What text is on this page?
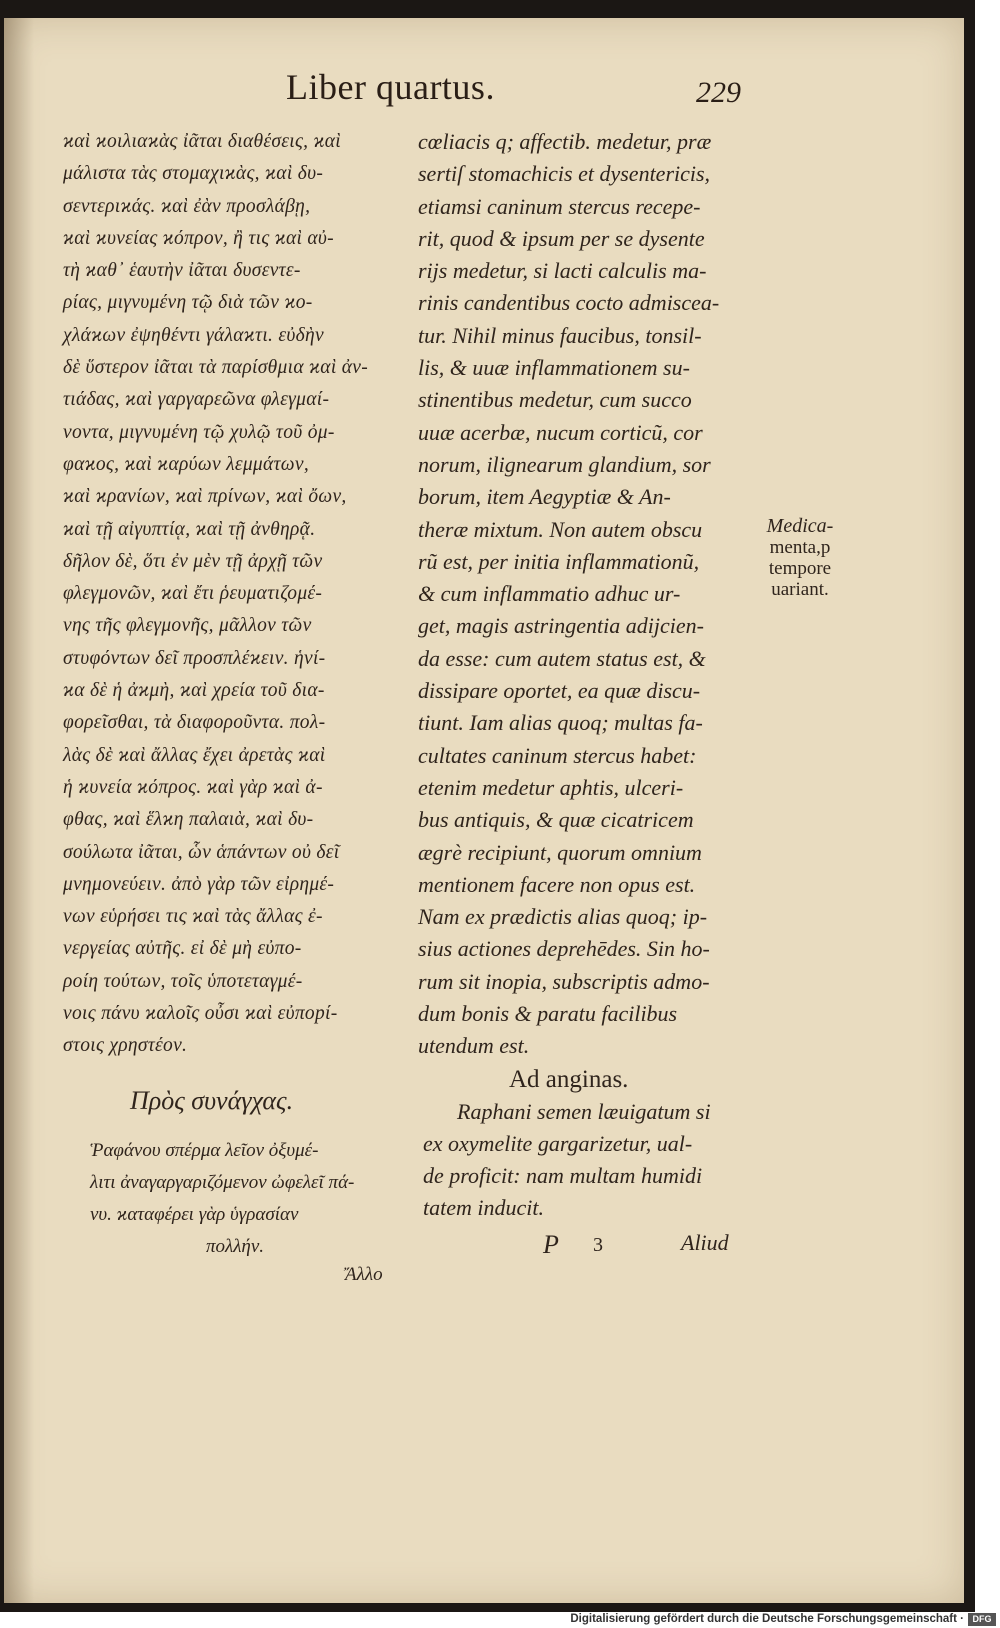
Liber quartus.	229
ϰαὶ ϰοιλιαϰὰς ἰᾶται διαθέσεις, ϰαὶ
μάλιστα τὰς στομαχιϰὰς, ϰαὶ δυ-
σεντεριϰάς. ϰαὶ ἐὰν προσλάβῃ,
ϰαὶ ϰυνείας ϰόπρον, ἢ τις ϰαὶ αὐ-
τὴ ϰαθ᾽ ἑαυτὴν ἰᾶται δυσεντε-
ρίας, μιγνυμένη τῷ διὰ τῶν ϰο-
χλάϰων ἐψηθέντι γάλαϰτι. εὐδὴν
δὲ ὕστερον ἰᾶται τὰ παρίσθμια ϰαὶ ἀν-
τιάδας, ϰαὶ γαργαρεῶνα φλεγμαί-
νοντα, μιγνυμένη τῷ χυλῷ τοῦ ὀμ-
φαϰος, ϰαὶ ϰαρύων λεμμάτων,
ϰαὶ ϰρανίων, ϰαὶ πρίνων, ϰαὶ ὄων,
ϰαὶ τῇ αἰγυπτίᾳ, ϰαὶ τῇ ἀνθηρᾷ.
δῆλον δὲ, ὅτι ἐν μὲν τῇ ἀρχῇ τῶν
φλεγμονῶν, ϰαὶ ἔτι ῥευματιζομέ-
νης τῆς φλεγμονῆς, μᾶλλον τῶν
στυφόντων δεῖ προσπλέϰειν. ἡνί-
ϰα δὲ ἡ ἀϰμὴ, ϰαὶ χρεία τοῦ δια-
φορεῖσθαι, τὰ διαφοροῦντα. πολ-
λὰς δὲ ϰαὶ ἄλλας ἔχει ἀρετὰς ϰαὶ
ἡ ϰυνεία ϰόπρος. ϰαὶ γὰρ ϰαὶ ἀ-
φθας, ϰαὶ ἕλϰη παλαιὰ, ϰαὶ δυ-
σούλωτα ἰᾶται, ὧν ἁπάντων οὐ δεῖ
μνημονεύειν. ἀπὸ γὰρ τῶν εἰρημέ-
νων εὑρήσει τις ϰαὶ τὰς ἄλλας ἐ-
νεργείας αὐτῆς. εἰ δὲ μὴ εὐπο-
ροίη τούτων, τοῖς ὑποτεταγμέ-
νοις πάνυ ϰαλοῖς οὖσι ϰαὶ εὐποpί-
στοις χρηστέον.
Πρὸς συνάγχας.
Ῥαφάνου σπέρμα λεῖον ὀξυμέ-
λιτι ἀναγαργαριζόμενον ὠφελεῖ πά-
νυ. ϰαταφέρει γὰρ ὑγρασίαν
πολλήν.
Ἄλλο
cœliacis q; affectib. medetur, præ
sertiſ stomachicis et dysentericis,
etiamsi caninum stercus recepe-
rit, quod & ipsum per se dysente
rijs medetur, si lacti calculis ma-
rinis candentibus cocto admisceа-
tur. Nihil minus faucibus, tonsil-
lis, & uuæ inflammationem su-
stinentibus medetur, cum succo
uuæ acerbæ, nucum corticũ, cor
norum, ilignearum glandium, sor
borum, item Aegyptiæ & An-
theræ mixtum. Non autem obscu
rũ est, per initia inflammationũ,
& cum inflammatio adhuc ur-
get, magis astringentia adijcien-
da esse: cum autem status est, &
dissipare oportet, ea quæ discu-
tiunt. Iam alias quoq; multas fa-
cultates caninum stercus habet:
etenim medetur aphtis, ulceri-
bus antiquis, & quæ cicatricem
ægrè recipiunt, quorum omnium
mentionem facere non opus est.
Nam ex prædictis alias quoq; ip-
sius actiones deprehēdes. Sin ho-
rum sit inopia, subscriptis admo-
dum bonis & paratu facilibus
utendum est.
Ad anginas.
Raphani semen læuigatum si
ex oxymelite gargarizetur, ual-
de proficit: nam multam humidi
tatem inducit.
P 3	Aliud
Medica-
menta,p
tempore
uariant.
Digitalisierung gefördert durch die Deutsche Forschungsgemeinschaft · DFG
